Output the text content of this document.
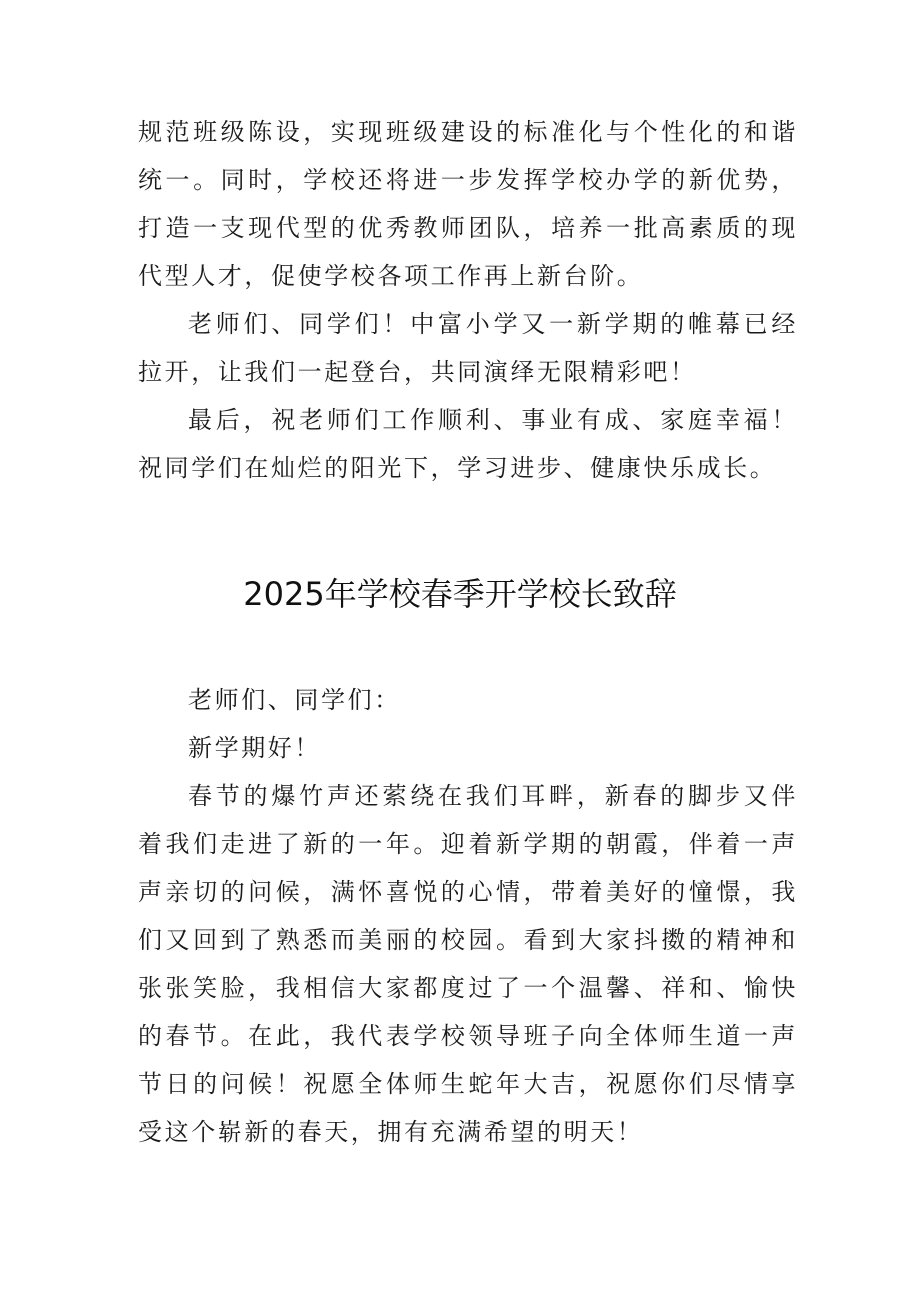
规范班级陈设，实现班级建设的标准化与个性化的和谐统一。同时，学校还将进一步发挥学校办学的新优势，打造一支现代型的优秀教师团队，培养一批高素质的现代型人才，促使学校各项工作再上新台阶。

老师们、同学们！中富小学又一新学期的帷幕已经拉开，让我们一起登台，共同演绎无限精彩吧！

最后，祝老师们工作顺利、事业有成、家庭幸福！祝同学们在灿烂的阳光下，学习进步、健康快乐成长。

2025年学校春季开学校长致辞

老师们、同学们：

新学期好！

春节的爆竹声还萦绕在我们耳畔，新春的脚步又伴着我们走进了新的一年。迎着新学期的朝霞，伴着一声声亲切的问候，满怀喜悦的心情，带着美好的憧憬，我们又回到了熟悉而美丽的校园。看到大家抖擞的精神和张张笑脸，我相信大家都度过了一个温馨、祥和、愉快的春节。在此，我代表学校领导班子向全体师生道一声节日的问候！祝愿全体师生蛇年大吉，祝愿你们尽情享受这个崭新的春天，拥有充满希望的明天！
